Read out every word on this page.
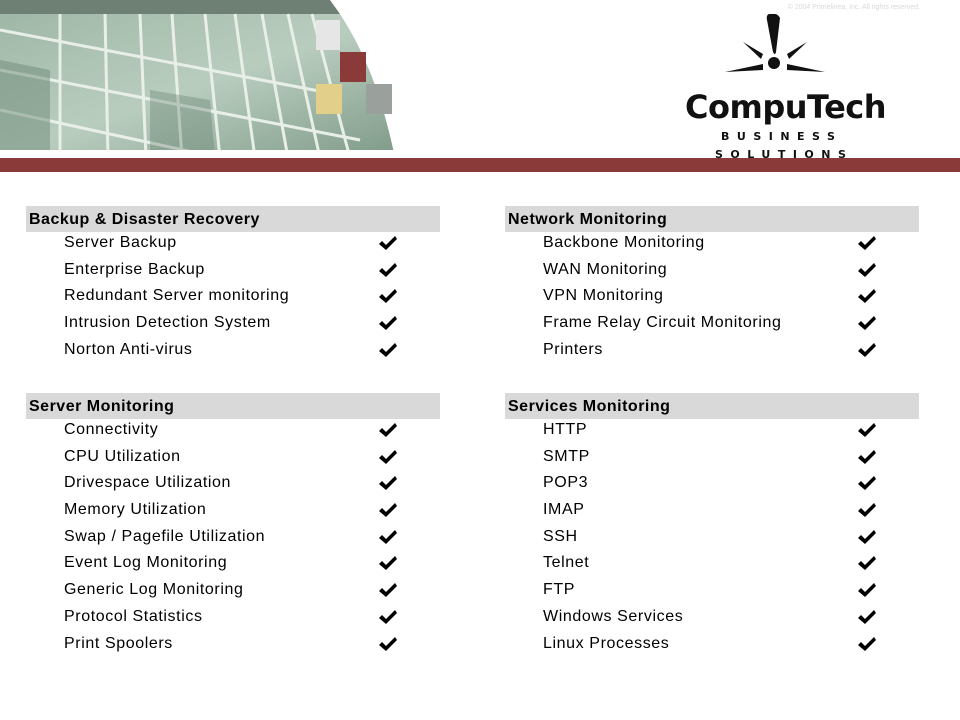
© 2004 Primelinea, Inc. All rights reserved.
CompuTech
BUSINESS
SOLUTIONS
Backup & Disaster Recovery
Server Backup
Enterprise Backup
Redundant Server monitoring
Intrusion Detection System
Norton Anti-virus
Network Monitoring
Backbone Monitoring
WAN Monitoring
VPN Monitoring
Frame Relay Circuit Monitoring
Printers
Server Monitoring
Connectivity
CPU Utilization
Drivespace Utilization
Memory Utilization
Swap / Pagefile Utilization
Event Log Monitoring
Generic Log Monitoring
Protocol Statistics
Print Spoolers
Services Monitoring
HTTP
SMTP
POP3
IMAP
SSH
Telnet
FTP
Windows Services
Linux Processes
